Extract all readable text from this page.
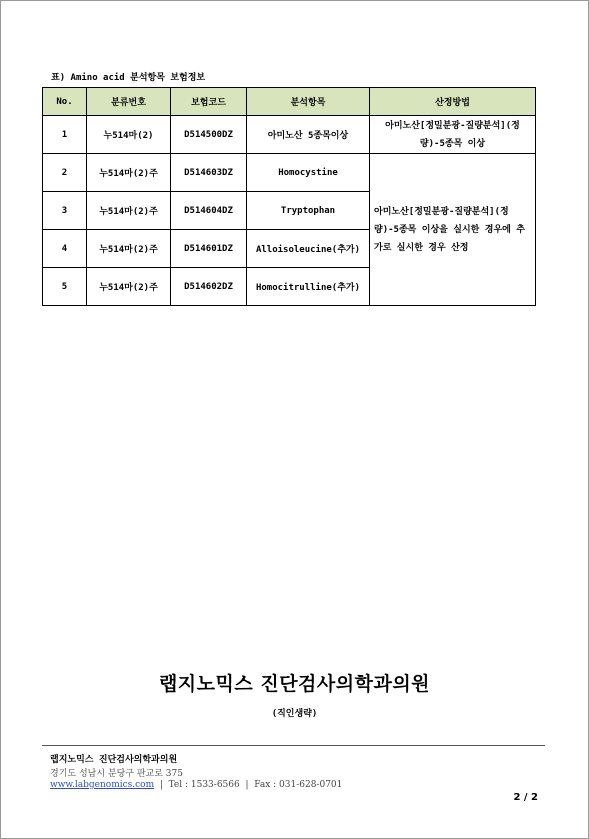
표) Amino acid 분석항목 보험정보
No.	분류번호	보험코드	분석항목	산정방법
1	누514마(2)	D514500DZ	아미노산 5종목이상	아미노산[정밀분광-질량분석](정량)-5종목 이상
2	누514마(2)주	D514603DZ	Homocystine	아미노산[정밀분광-질량분석](정량)-5종목 이상을 실시한 경우에 추가로 실시한 경우 산정
3	누514마(2)주	D514604DZ	Tryptophan	
4	누514마(2)주	D514601DZ	Alloisoleucine(추가)	
5	누514마(2)주	D514602DZ	Homocitrulline(추가)	
랩지노믹스 진단검사의학과의원
(직인생략)
랩지노믹스 진단검사의학과의원
경기도 성남시 분당구 판교로 375
www.labgenomics.com  |  Tel : 1533-6566  |  Fax : 031-628-0701
2 / 2
